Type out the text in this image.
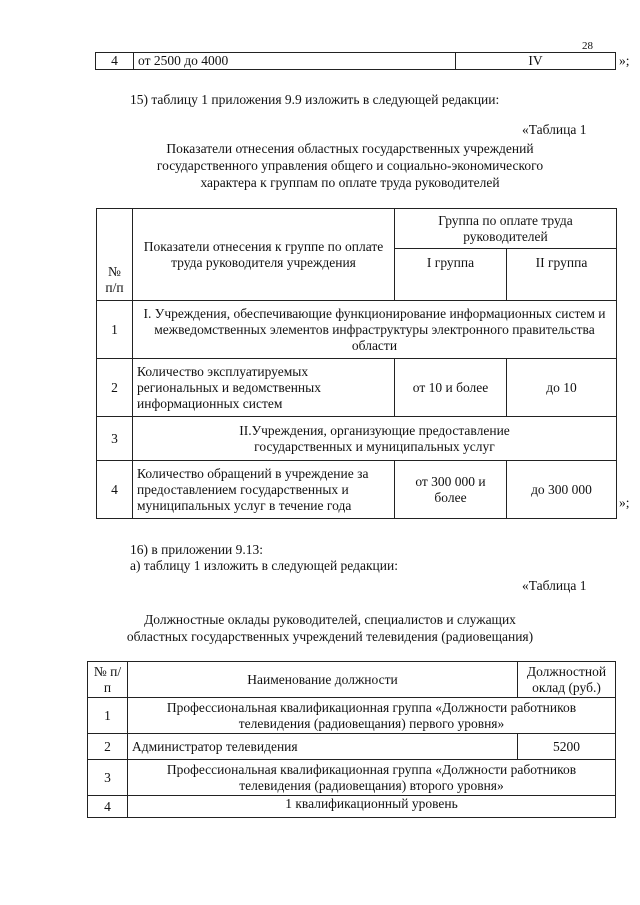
28
4	от 2500 до 4000	IV	»;
15) таблицу 1 приложения 9.9 изложить в следующей редакции:
«Таблица 1
Показатели отнесения областных государственных учреждений
государственного управления общего и социально-экономического
характера к группам по оплате труда руководителей
№ п/п	Показатели отнесения к группе по оплате труда руководителя учреждения	Группа по оплате труда руководителей	
		I группа	II группа
1	I. Учреждения, обеспечивающие функционирование информационных систем и межведомственных элементов инфраструктуры электронного правительства области		
2	Количество эксплуатируемых региональных и ведомственных информационных систем	от 10 и более	до 10
3	II.Учреждения, организующие предоставление государственных и муниципальных услуг		
4	Количество обращений в учреждение за предоставлением государственных и муниципальных услуг в течение года	от 300 000 и более	до 300 000
»;
16) в приложении 9.13:
а) таблицу 1 изложить в следующей редакции:
«Таблица 1
Должностные оклады руководителей, специалистов и служащих
областных государственных учреждений телевидения (радиовещания)
№ п/п	Наименование должности	Должностной оклад (руб.)
1	Профессиональная квалификационная группа «Должности работников телевидения (радиовещания) первого уровня»	
2	Администратор телевидения	5200
3	Профессиональная квалификационная группа «Должности работников телевидения (радиовещания) второго уровня»	
4	1 квалификационный уровень	
